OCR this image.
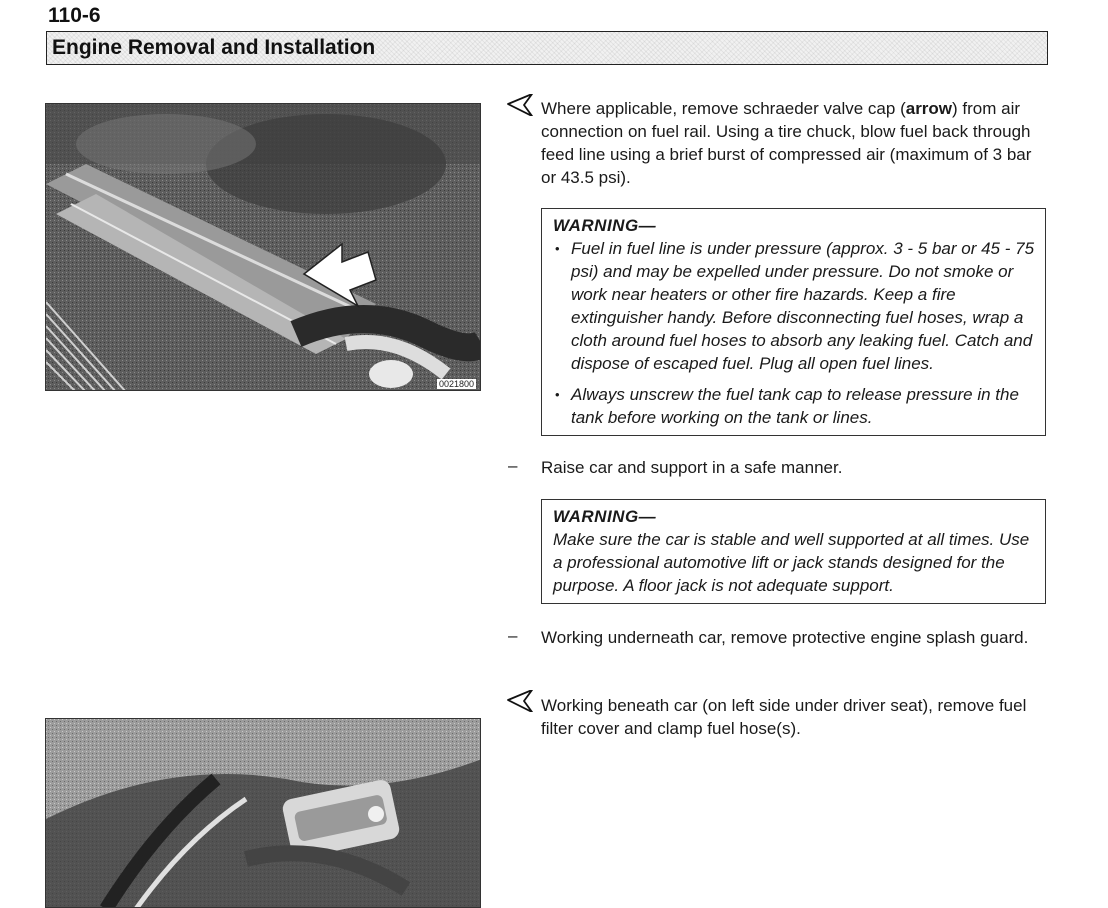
110-6
Engine Removal and Installation
0021800
Where applicable, remove schraeder valve cap (arrow) from air connection on fuel rail. Using a tire chuck, blow fuel back through feed line using a brief burst of compressed air (maximum of 3 bar or 43.5 psi).
WARNING—
• Fuel in fuel line is under pressure (approx. 3 - 5 bar or 45 - 75 psi) and may be expelled under pressure. Do not smoke or work near heaters or other fire hazards. Keep a fire extinguisher handy. Before disconnecting fuel hoses, wrap a cloth around fuel hoses to absorb any leaking fuel. Catch and dispose of escaped fuel. Plug all open fuel lines.
• Always unscrew the fuel tank cap to release pressure in the tank before working on the tank or lines.
– Raise car and support in a safe manner.
WARNING—
Make sure the car is stable and well supported at all times. Use a professional automotive lift or jack stands designed for the purpose. A floor jack is not adequate support.
– Working underneath car, remove protective engine splash guard.
Working beneath car (on left side under driver seat), remove fuel filter cover and clamp fuel hose(s).
